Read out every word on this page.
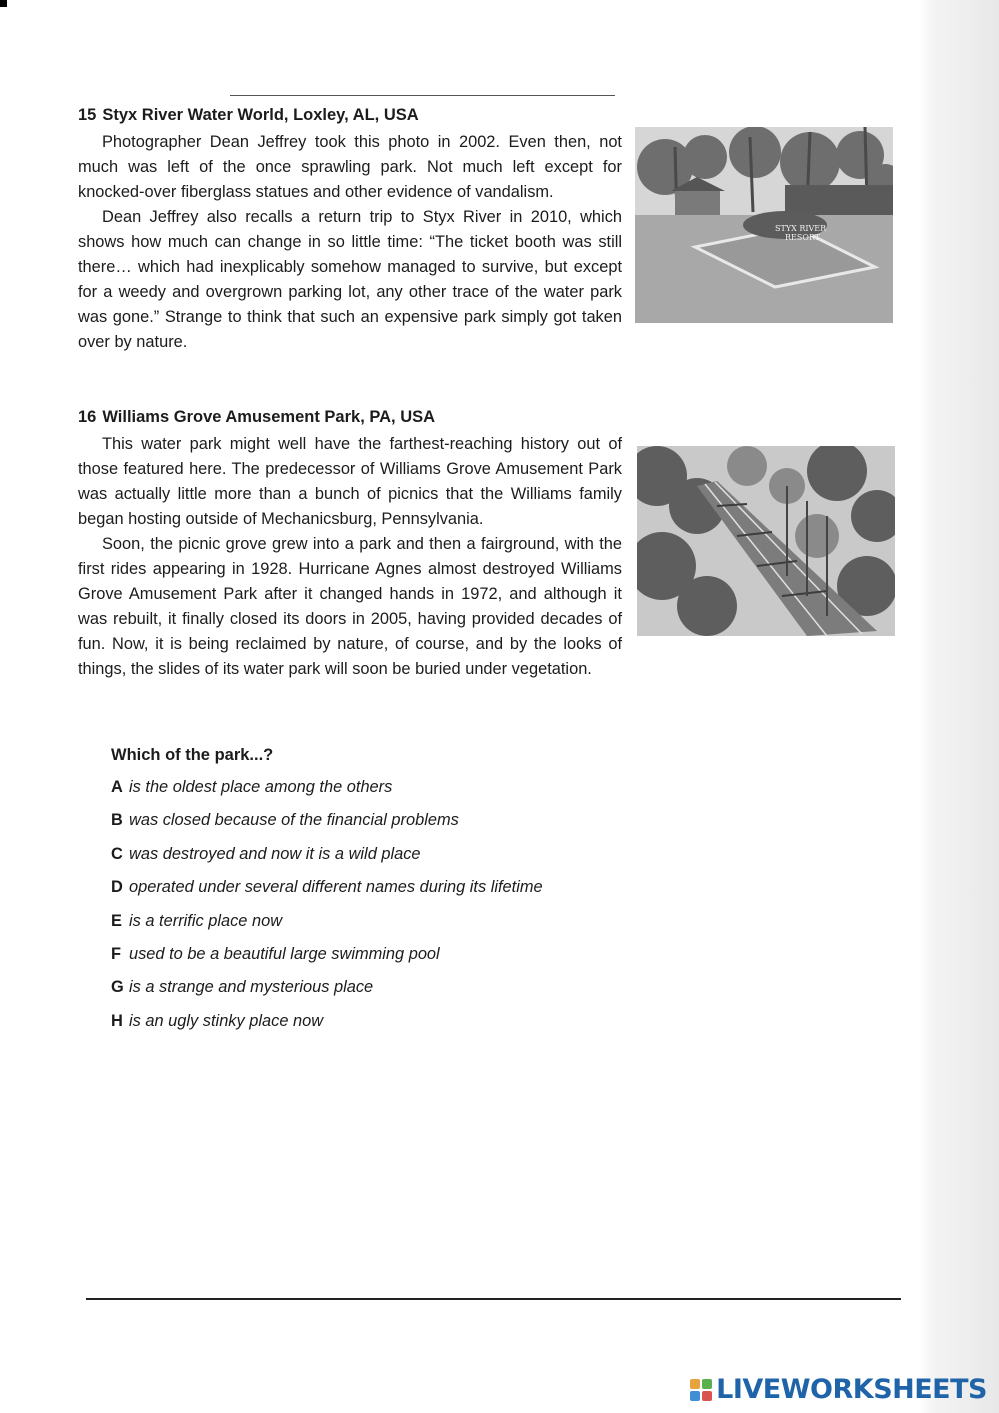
15 Styx River Water World, Loxley, AL, USA

Photographer Dean Jeffrey took this photo in 2002. Even then, not much was left of the once sprawling park. Not much left except for knocked-over fiberglass statues and other evidence of vandalism.

Dean Jeffrey also recalls a return trip to Styx River in 2010, which shows how much can change in so little time: “The ticket booth was still there… which had inexplicably somehow managed to survive, but except for a weedy and overgrown parking lot, any other trace of the water park was gone.” Strange to think that such an expensive park simply got taken over by nature.

STYX RIVER
RESORT
16 Williams Grove Amusement Park, PA, USA

This water park might well have the farthest-reaching history out of those featured here. The predecessor of Williams Grove Amusement Park was actually little more than a bunch of picnics that the Williams family began hosting outside of Mechanicsburg, Pennsylvania.

Soon, the picnic grove grew into a park and then a fairground, with the first rides appearing in 1928. Hurricane Agnes almost destroyed Williams Grove Amusement Park after it changed hands in 1972, and although it was rebuilt, it finally closed its doors in 2005, having provided decades of fun. Now, it is being reclaimed by nature, of course, and by the looks of things, the slides of its water park will soon be buried under vegetation.

Which of the park...?
A is the oldest place among the others
B was closed because of the financial problems
C was destroyed and now it is a wild place
D operated under several different names during its lifetime
E is a terrific place now
F used to be a beautiful large swimming pool
G is a strange and mysterious place
H is an ugly stinky place now
LIVEWORKSHEETS
